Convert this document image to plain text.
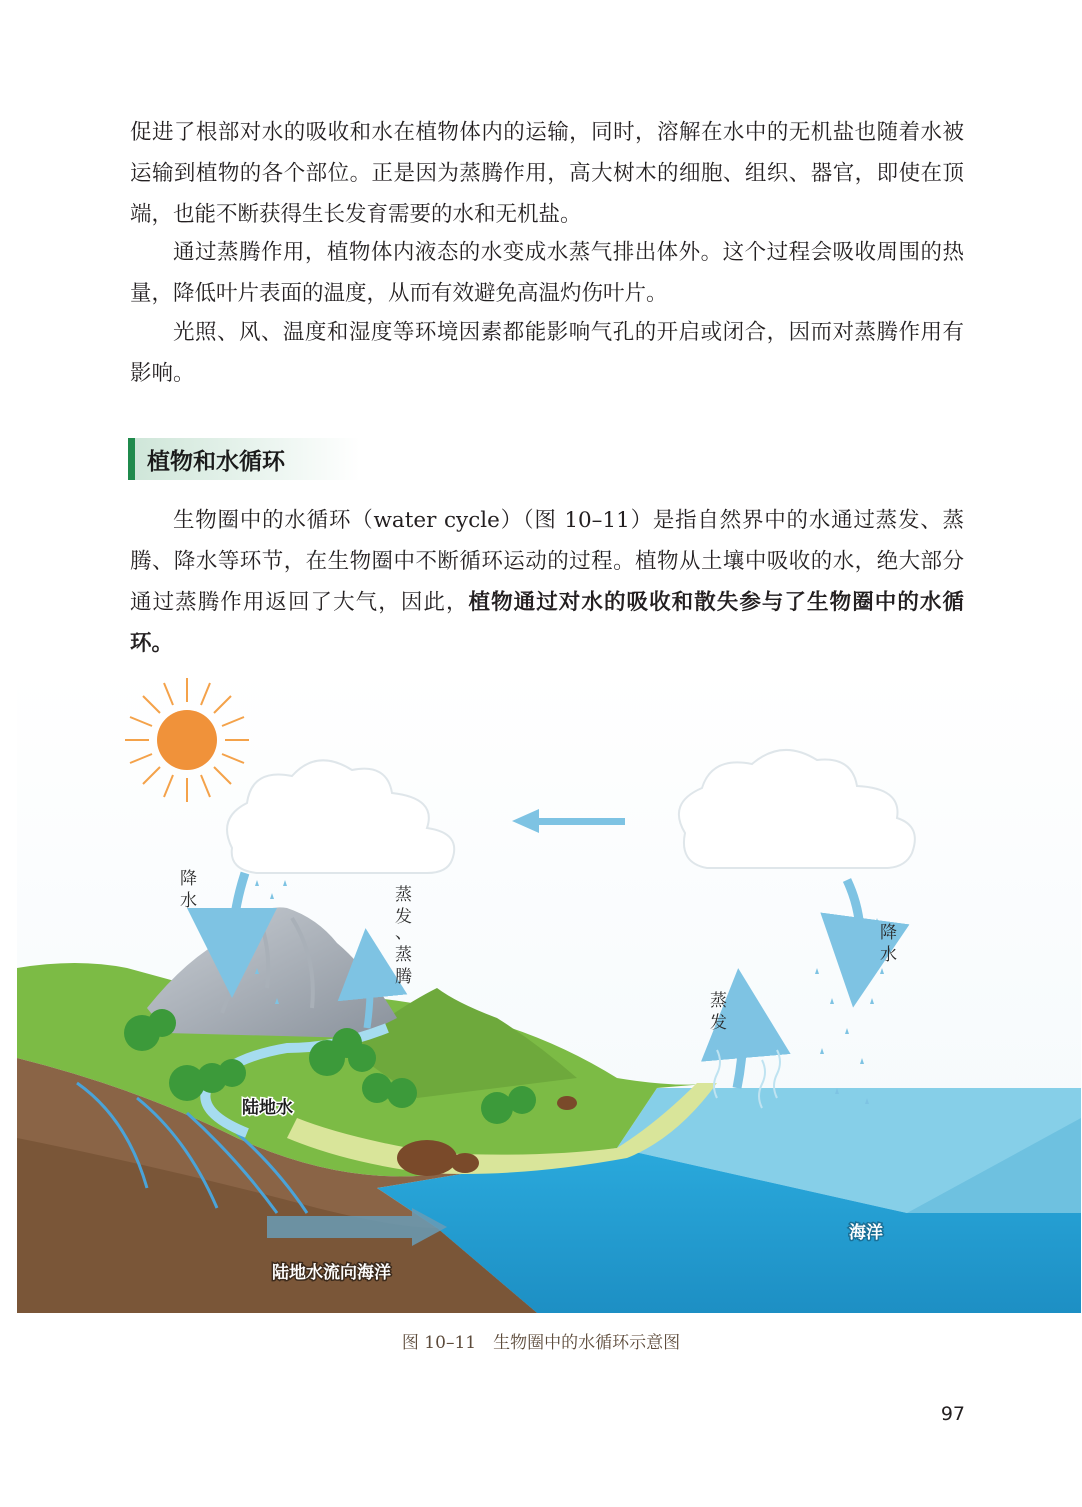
促进了根部对水的吸收和水在植物体内的运输，同时，溶解在水中的无机盐也随着水被运输到植物的各个部位。正是因为蒸腾作用，高大树木的细胞、组织、器官，即使在顶端，也能不断获得生长发育需要的水和无机盐。

通过蒸腾作用，植物体内液态的水变成水蒸气排出体外。这个过程会吸收周围的热量，降低叶片表面的温度，从而有效避免高温灼伤叶片。

光照、风、温度和湿度等环境因素都能影响气孔的开启或闭合，因而对蒸腾作用有影响。

植物和水循环

生物圈中的水循环（water cycle）（图 10–11）是指自然界中的水通过蒸发、蒸腾、降水等环节，在生物圈中不断循环运动的过程。植物从土壤中吸收的水，绝大部分通过蒸腾作用返回了大气，因此，植物通过对水的吸收和散失参与了生物圈中的水循环。

降
水	蒸
发
、
蒸
腾
蒸
发
降
水
陆地水
海洋
陆地水流向海洋
图 10–11　生物圈中的水循环示意图
97
